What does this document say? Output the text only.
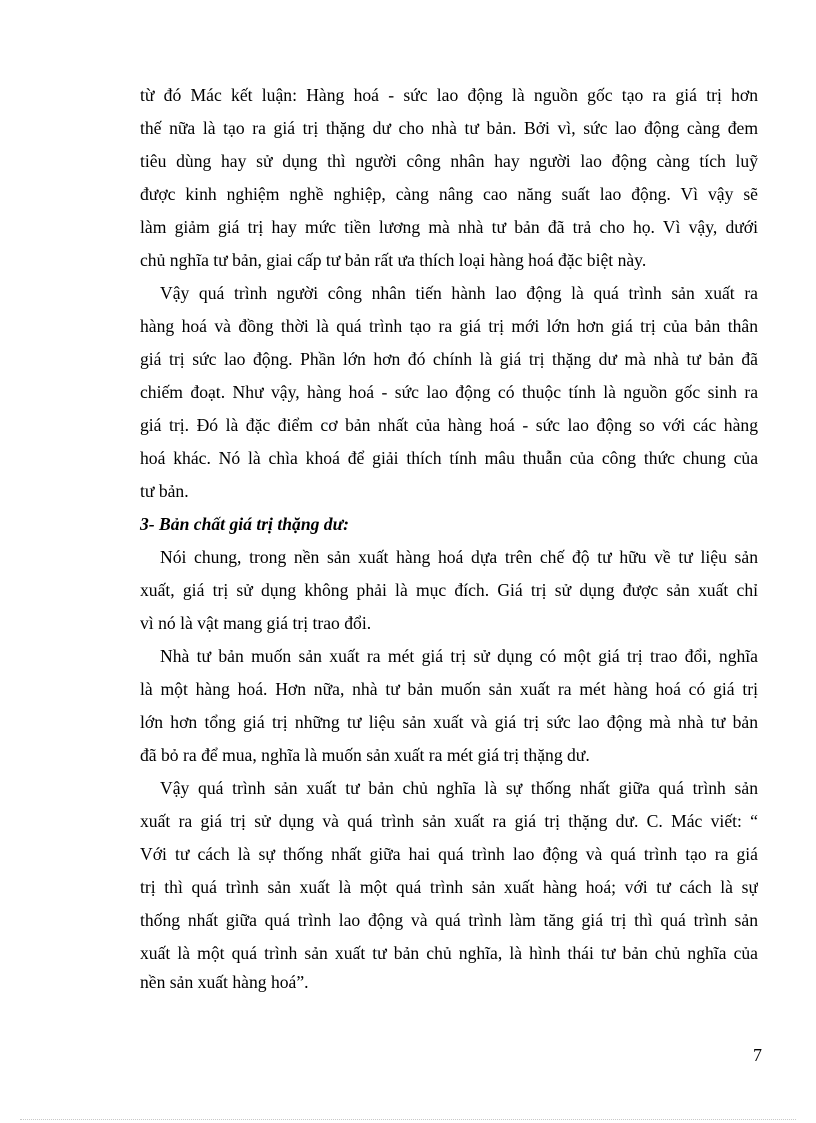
từ đó Mác kết luận: Hàng hoá - sức lao động là nguồn gốc tạo ra giá trị hơn
thế nữa là tạo ra giá trị thặng dư cho nhà tư bản. Bởi vì, sức lao động càng đem
tiêu dùng hay sử dụng thì người công nhân hay người lao động càng tích luỹ
được kinh nghiệm nghề nghiệp, càng nâng cao năng suất lao động. Vì vậy sẽ
làm giảm giá trị hay mức tiền lương mà nhà tư bản đã trả cho họ. Vì vậy, dưới
chủ nghĩa tư bản, giai cấp tư bản rất ưa thích loại hàng hoá đặc biệt này.
Vậy quá trình người công nhân tiến hành lao động là quá trình sản xuất ra
hàng hoá và đồng thời là quá trình tạo ra giá trị mới lớn hơn giá trị của bản thân
giá trị sức lao động. Phần lớn hơn đó chính là giá trị thặng dư mà nhà tư bản đã
chiếm đoạt. Như vậy, hàng hoá - sức lao động có thuộc tính là nguồn gốc sinh ra
giá trị. Đó là đặc điểm cơ bản nhất của hàng hoá - sức lao động so với các hàng
hoá khác. Nó là chìa khoá để giải thích tính mâu thuẫn của công thức chung của
tư bản.
3- Bản chất giá trị thặng dư:
Nói chung, trong nền sản xuất hàng hoá dựa trên chế độ tư hữu về tư liệu sản
xuất, giá trị sử dụng không phải là mục đích. Giá trị sử dụng được sản xuất chỉ
vì nó là vật mang giá trị trao đổi.
Nhà tư bản muốn sản xuất ra mét giá trị sử dụng có một giá trị trao đổi, nghĩa
là một hàng hoá. Hơn nữa, nhà tư bản muốn sản xuất ra mét hàng hoá có giá trị
lớn hơn tổng giá trị những tư liệu sản xuất và giá trị sức lao động mà nhà tư bản
đã bỏ ra để mua, nghĩa là muốn sản xuất ra mét giá trị thặng dư.
Vậy quá trình sản xuất tư bản chủ nghĩa là sự thống nhất giữa quá trình sản
xuất ra giá trị sử dụng và quá trình sản xuất ra giá trị thặng dư. C. Mác viết: “
Với tư cách là sự thống nhất giữa hai quá trình lao động và quá trình tạo ra giá
trị thì quá trình sản xuất là một quá trình sản xuất hàng hoá; với tư cách là sự
thống nhất giữa quá trình lao động và quá trình làm tăng giá trị thì quá trình sản
xuất là một quá trình sản xuất tư bản chủ nghĩa, là hình thái tư bản chủ nghĩa của
nền sản xuất hàng hoá”.
7
